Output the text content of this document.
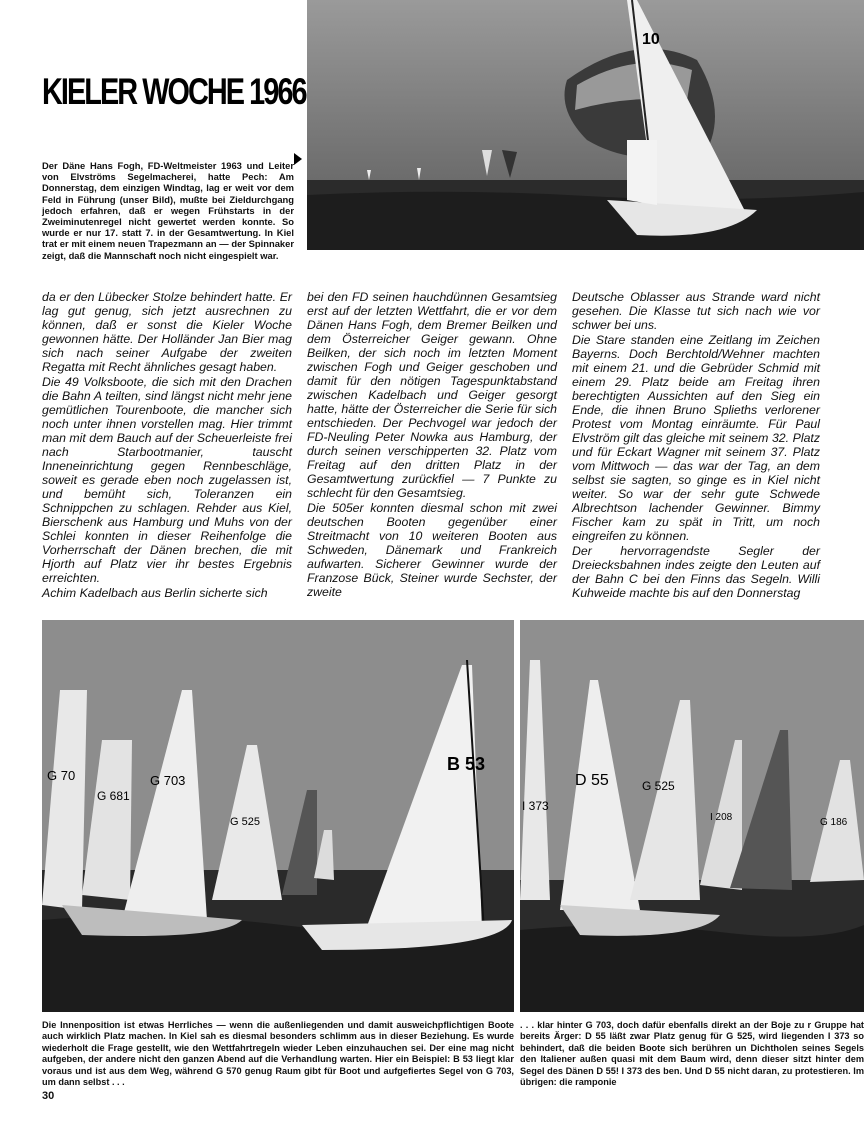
10
KIELER WOCHE 1966
Der Däne Hans Fogh, FD-Weltmeister 1963 und Leiter von Elvströms Segelmacherei, hatte Pech: Am Donnerstag, dem einzigen Windtag, lag er weit vor dem Feld in Führung (unser Bild), mußte bei Zieldurchgang jedoch erfahren, daß er wegen Frühstarts in der Zweiminutenregel nicht gewertet werden konnte. So wurde er nur 17. statt 7. in der Gesamtwertung. In Kiel trat er mit einem neuen Trapezmann an — der Spinnaker zeigt, daß die Mannschaft noch nicht eingespielt war.

da er den Lübecker Stolze behindert hatte. Er lag gut genug, sich jetzt ausrechnen zu können, daß er sonst die Kieler Woche gewonnen hätte. Der Holländer Jan Bier mag sich nach seiner Aufgabe der zweiten Regatta mit Recht ähnliches gesagt haben.

Die 49 Volksboote, die sich mit den Drachen die Bahn A teilten, sind längst nicht mehr jene gemütlichen Tourenboote, die mancher sich noch unter ihnen vorstellen mag. Hier trimmt man mit dem Bauch auf der Scheuerleiste frei nach Starbootmanier, tauscht Inneneinrichtung gegen Rennbeschläge, soweit es gerade eben noch zugelassen ist, und bemüht sich, Toleranzen ein Schnippchen zu schlagen. Rehder aus Kiel, Bierschenk aus Hamburg und Muhs von der Schlei konnten in dieser Reihenfolge die Vorherrschaft der Dänen brechen, die mit Hjorth auf Platz vier ihr bestes Ergebnis erreichten.

Achim Kadelbach aus Berlin sicherte sich

bei den FD seinen hauchdünnen Gesamtsieg erst auf der letzten Wettfahrt, die er vor dem Dänen Hans Fogh, dem Bremer Beilken und dem Österreicher Geiger gewann. Ohne Beilken, der sich noch im letzten Moment zwischen Fogh und Geiger geschoben und damit für den nötigen Tagespunktabstand zwischen Kadelbach und Geiger gesorgt hatte, hätte der Österreicher die Serie für sich entschieden. Der Pechvogel war jedoch der FD-Neuling Peter Nowka aus Hamburg, der durch seinen verschipperten 32. Platz vom Freitag auf den dritten Platz in der Gesamtwertung zurückfiel — 7 Punkte zu schlecht für den Gesamtsieg.

Die 505er konnten diesmal schon mit zwei deutschen Booten gegenüber einer Streitmacht von 10 weiteren Booten aus Schweden, Dänemark und Frankreich aufwarten. Sicherer Gewinner wurde der Franzose Bück, Steiner wurde Sechster, der zweite

Deutsche Oblasser aus Strande ward nicht gesehen. Die Klasse tut sich nach wie vor schwer bei uns.

Die Stare standen eine Zeitlang im Zeichen Bayerns. Doch Berchtold/Wehner machten mit einem 21. und die Gebrüder Schmid mit einem 29. Platz beide am Freitag ihren berechtigten Aussichten auf den Sieg ein Ende, die ihnen Bruno Splieths verlorener Protest vom Montag einräumte. Für Paul Elvström gilt das gleiche mit seinem 32. Platz und für Eckart Wagner mit seinem 37. Platz vom Mittwoch — das war der Tag, an dem selbst sie sagten, so ginge es in Kiel nicht weiter. So war der sehr gute Schwede Albrechtson lachender Gewinner. Bimmy Fischer kam zu spät in Tritt, um noch eingreifen zu können.

Der hervorragendste Segler der Dreiecksbahnen indes zeigte den Leuten auf der Bahn C bei den Finns das Segeln. Willi Kuhweide machte bis auf den Donnerstag

G 70
G 681
G 703
G 525
B 53
D 55	G 525
I 208
I 373
G 186
Die Innenposition ist etwas Herrliches — wenn die außenliegenden und damit ausweichpflichtigen Boote auch wirklich Platz machen. In Kiel sah es diesmal besonders schlimm aus in dieser Beziehung. Es wurde wiederholt die Frage gestellt, wie den Wettfahrtregeln wieder Leben einzuhauchen sei. Der eine mag nicht aufgeben, der andere nicht den ganzen Abend auf die Verhandlung warten. Hier ein Beispiel: B 53 liegt klar voraus und ist aus dem Weg, während G 570 genug Raum gibt für Boot und aufgefiertes Segel von G 703, um dann selbst . . .
. . . klar hinter G 703, doch dafür ebenfalls direkt an der Boje zu r Gruppe hat bereits Ärger: D 55 läßt zwar Platz genug für G 525, wird liegenden I 373 so behindert, daß die beiden Boote sich berühren un Dichtholen seines Segels den Italiener außen quasi mit dem Baum wird, denn dieser sitzt hinter dem Segel des Dänen D 55! I 373 des ben. Und D 55 nicht daran, zu protestieren. Im übrigen: die ramponie
30
